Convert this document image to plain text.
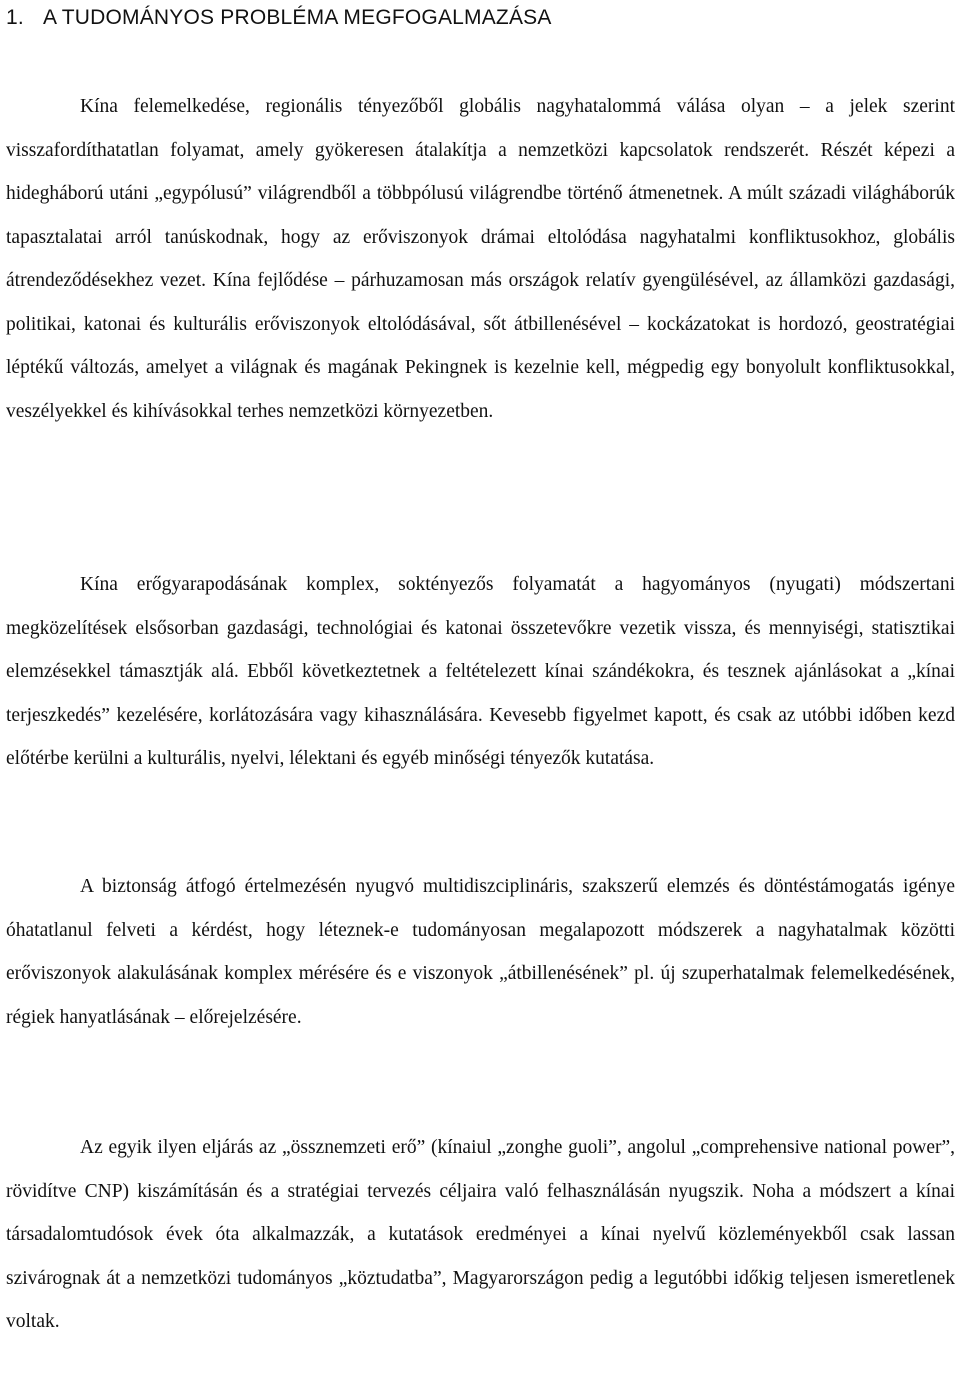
1. A TUDOMÁNYOS PROBLÉMA MEGFOGALMAZÁSA

Kína felemelkedése, regionális tényezőből globális nagyhatalommá válása olyan – a jelek szerint visszafordíthatatlan folyamat, amely gyökeresen átalakítja a nemzetközi kapcsolatok rendszerét. Részét képezi a hidegháború utáni „egypólusú” világrendből a többpólusú világrendbe történő átmenetnek. A múlt századi világháborúk tapasztalatai arról tanúskodnak, hogy az erőviszonyok drámai eltolódása nagyhatalmi konfliktusokhoz, globális átrendeződésekhez vezet. Kína fejlődése – párhuzamosan más országok relatív gyengülésével, az államközi gazdasági, politikai, katonai és kulturális erőviszonyok eltolódásával, sőt átbillenésével – kockázatokat is hordozó, geostratégiai léptékű változás, amelyet a világnak és magának Pekingnek is kezelnie kell, mégpedig egy bonyolult konfliktusokkal, veszélyekkel és kihívásokkal terhes nemzetközi környezetben.

Kína erőgyarapodásának komplex, soktényezős folyamatát a hagyományos (nyugati) módszertani megközelítések elsősorban gazdasági, technológiai és katonai összetevőkre vezetik vissza, és mennyiségi, statisztikai elemzésekkel támasztják alá. Ebből következtetnek a feltételezett kínai szándékokra, és tesznek ajánlásokat a „kínai terjeszkedés” kezelésére, korlátozására vagy kihasználására. Kevesebb figyelmet kapott, és csak az utóbbi időben kezd előtérbe kerülni a kulturális, nyelvi, lélektani és egyéb minőségi tényezők kutatása.

A biztonság átfogó értelmezésén nyugvó multidiszciplináris, szakszerű elemzés és döntéstámogatás igénye óhatatlanul felveti a kérdést, hogy léteznek-e tudományosan megalapozott módszerek a nagyhatalmak közötti erőviszonyok alakulásának komplex mérésére és e viszonyok „átbillenésének” pl. új szuperhatalmak felemelkedésének, régiek hanyatlásának – előrejelzésére.

Az egyik ilyen eljárás az „össznemzeti erő” (kínaiul „zonghe guoli”, angolul „comprehensive national power”, rövidítve CNP) kiszámításán és a stratégiai tervezés céljaira való felhasználásán nyugszik. Noha a módszert a kínai társadalomtudósok évek óta alkalmazzák, a kutatások eredményei a kínai nyelvű közleményekből csak lassan szivárognak át a nemzetközi tudományos „köztudatba”, Magyarországon pedig a legutóbbi időkig teljesen ismeretlenek voltak.
